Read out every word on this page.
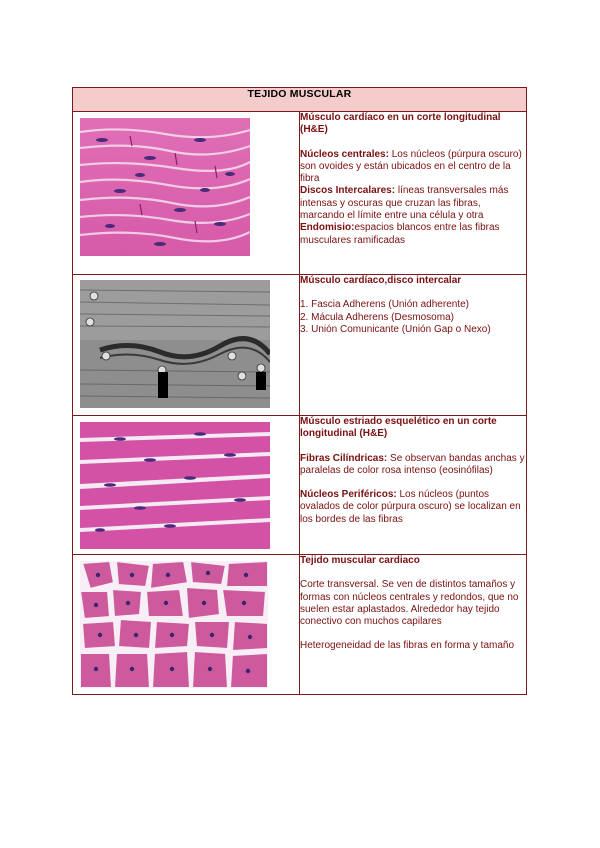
TEJIDO MUSCULAR	

Músculo cardíaco en un corte longitudinal (H&E)
Núcleos centrales: Los núcleos (púrpura oscuro) son ovoides y están ubicados en el centro de la fibra
Discos Intercalares: líneas transversales más intensas y oscuras que cruzan las fibras, marcando el límite entre una célula y otra
Endomisio:espacios blancos entre las fibras musculares ramificadas

Músculo cardíaco,disco intercalar
1. Fascia Adherens (Unión adherente)
2. Mácula Adherens (Desmosoma)
3. Unión Comunicante (Unión Gap o Nexo)

Músculo estriado esquelético en un corte longitudinal (H&E)
Fibras Cilíndricas: Se observan bandas anchas y paralelas de color rosa intenso (eosinófilas)
Núcleos Periféricos: Los núcleos (puntos ovalados de color púrpura oscuro) se localizan en los bordes de las fibras

Tejido muscular cardiaco
Corte transversal. Se ven de distintos tamaños y formas con núcleos centrales y redondos, que no suelen estar aplastados. Alrededor hay tejido conectivo con muchos capilares
Heterogeneidad de las fibras en forma y tamaño
